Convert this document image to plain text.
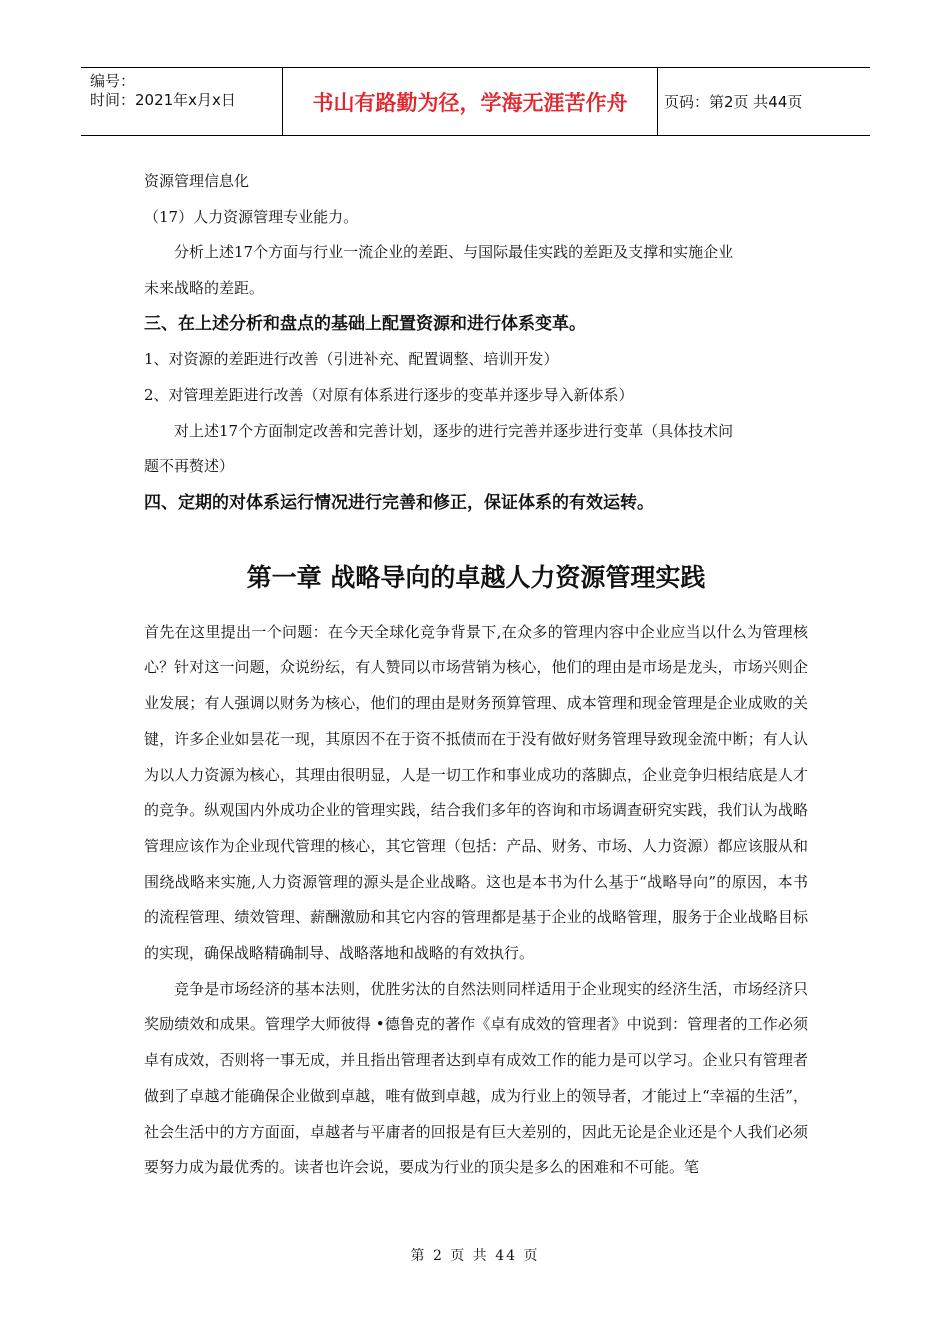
编号：
时间：2021年x月x日	书山有路勤为径，学海无涯苦作舟	页码：第2页 共44页

资源管理信息化

（17）人力资源管理专业能力。

分析上述17个方面与行业一流企业的差距、与国际最佳实践的差距及支撑和实施企业

未来战略的差距。

三、在上述分析和盘点的基础上配置资源和进行体系变革。

1、对资源的差距进行改善（引进补充、配置调整、培训开发）

2、对管理差距进行改善（对原有体系进行逐步的变革并逐步导入新体系）

对上述17个方面制定改善和完善计划，逐步的进行完善并逐步进行变革（具体技术问

题不再赘述）

四、定期的对体系运行情况进行完善和修正，保证体系的有效运转。

第一章 战略导向的卓越人力资源管理实践

首先在这里提出一个问题：在今天全球化竞争背景下,在众多的管理内容中企业应当以什么为管理核心？针对这一问题，众说纷纭，有人赞同以市场营销为核心，他们的理由是市场是龙头，市场兴则企业发展；有人强调以财务为核心，他们的理由是财务预算管理、成本管理和现金管理是企业成败的关键，许多企业如昙花一现，其原因不在于资不抵债而在于没有做好财务管理导致现金流中断；有人认为以人力资源为核心，其理由很明显，人是一切工作和事业成功的落脚点，企业竞争归根结底是人才的竞争。纵观国内外成功企业的管理实践，结合我们多年的咨询和市场调查研究实践，我们认为战略管理应该作为企业现代管理的核心，其它管理（包括：产品、财务、市场、人力资源）都应该服从和围绕战略来实施,人力资源管理的源头是企业战略。这也是本书为什么基于“战略导向”的原因，本书的流程管理、绩效管理、薪酬激励和其它内容的管理都是基于企业的战略管理，服务于企业战略目标的实现，确保战略精确制导、战略落地和战略的有效执行。

竞争是市场经济的基本法则，优胜劣汰的自然法则同样适用于企业现实的经济生活，市场经济只奖励绩效和成果。管理学大师彼得 •德鲁克的著作《卓有成效的管理者》中说到：管理者的工作必须卓有成效，否则将一事无成，并且指出管理者达到卓有成效工作的能力是可以学习。企业只有管理者做到了卓越才能确保企业做到卓越，唯有做到卓越，成为行业上的领导者，才能过上“幸福的生活”，社会生活中的方方面面，卓越者与平庸者的回报是有巨大差别的，因此无论是企业还是个人我们必须要努力成为最优秀的。读者也许会说，要成为行业的顶尖是多么的困难和不可能。笔

第 2 页 共 44 页
